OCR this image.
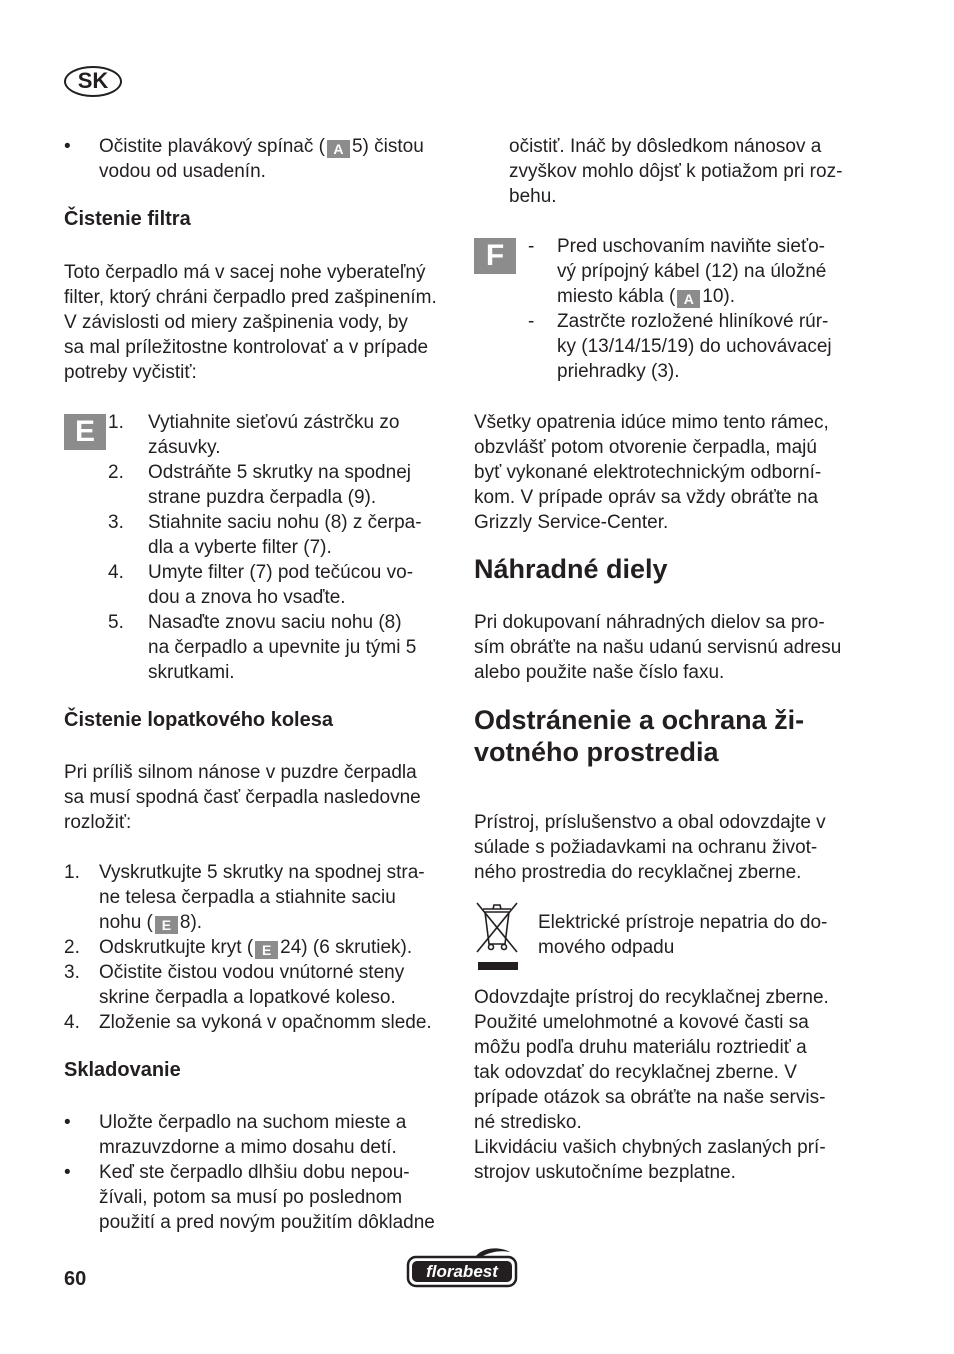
SK
• Očistite plavákový spínač ( A 5) čistou
vodou od usadenín.
Čistenie filtra
Toto čerpadlo má v sacej nohe vyberateľný
filter, ktorý chráni čerpadlo pred zašpinením.
V závislosti od miery zašpinenia vody, by
sa mal príležitostne kontrolovať a v prípade
potreby vyčistiť:
E 1. Vytiahnite sieťovú zástrčku zo
zásuvky.
2. Odstráňte 5 skrutky na spodnej
strane puzdra čerpadla (9).
3. Stiahnite saciu nohu (8) z čerpa-
dla a vyberte filter (7).
4. Umyte filter (7) pod tečúcou vo-
dou a znova ho vsaďte.
5. Nasaďte znovu saciu nohu (8)
na čerpadlo a upevnite ju tými 5
skrutkami.
Čistenie lopatkového kolesa
Pri príliš silnom nánose v puzdre čerpadla
sa musí spodná časť čerpadla nasledovne
rozložiť:
1. Vyskrutkujte 5 skrutky na spodnej stra-
ne telesa čerpadla a stiahnite saciu
nohu ( E 8).
2. Odskrutkujte kryt ( E 24) (6 skrutiek).
3. Očistite čistou vodou vnútorné steny
skrine čerpadla a lopatkové koleso.
4. Zloženie sa vykoná v opačnomm slede.
Skladovanie
• Uložte čerpadlo na suchom mieste a
mrazuvzdorne a mimo dosahu detí.
• Keď ste čerpadlo dlhšiu dobu nepou-
žívali, potom sa musí po poslednom
použití a pred novým použitím dôkladne
očistiť. Ináč by dôsledkom nánosov a
zvyškov mohlo dôjsť k potiažom pri roz-
behu.
F	- Pred uschovaním naviňte sieťo-
vý prípojný kábel (12) na úložné
miesto kábla ( A 10).
- Zastrčte rozložené hliníkové rúr-
ky (13/14/15/19) do uchovávacej
priehradky (3).
Všetky opatrenia idúce mimo tento rámec,
obzvlášť potom otvorenie čerpadla, majú
byť vykonané elektrotechnickým odborní-
kom. V prípade opráv sa vždy obráťte na
Grizzly Service-Center.
Náhradné diely
Pri dokupovaní náhradných dielov sa pro-
sím obráťte na našu udanú servisnú adresu
alebo použite naše číslo faxu.
Odstránenie a ochrana ži-
votného prostredia
Prístroj, príslušenstvo a obal odovzdajte v
súlade s požiadavkami na ochranu život-
ného prostredia do recyklačnej zberne.
Elektrické prístroje nepatria do do-
mového odpadu
Odovzdajte prístroj do recyklačnej zberne.
Použité umelohmotné a kovové časti sa
môžu podľa druhu materiálu roztriediť a
tak odovzdať do recyklačnej zberne. V
prípade otázok sa obráťte na naše servis-
né stredisko.
Likvidáciu vašich chybných zaslaných prí-
strojov uskutočníme bezplatne.
60	florabest
